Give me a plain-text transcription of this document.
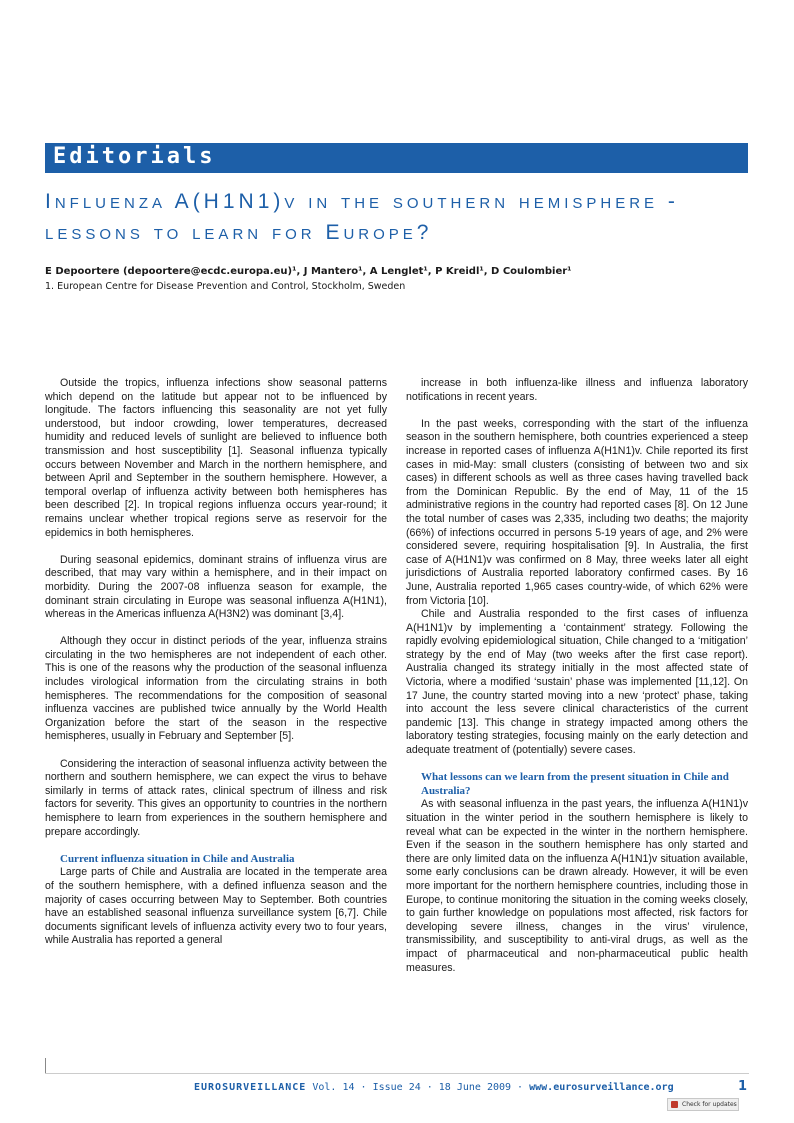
Editorials
Influenza A(H1N1)v in the southern hemisphere - lessons to learn for Europe?
E Depoortere (depoortere@ecdc.europa.eu)¹, J Mantero¹, A Lenglet¹, P Kreidl¹, D Coulombier¹
1. European Centre for Disease Prevention and Control, Stockholm, Sweden

Outside the tropics, influenza infections show seasonal patterns which depend on the latitude but appear not to be influenced by longitude. The factors influencing this seasonality are not yet fully understood, but indoor crowding, lower temperatures, decreased humidity and reduced levels of sunlight are believed to influence both transmission and host susceptibility [1]. Seasonal influenza typically occurs between November and March in the northern hemisphere, and between April and September in the southern hemisphere. However, a temporal overlap of influenza activity between both hemispheres has been described [2]. In tropical regions influenza occurs year-round; it remains unclear whether tropical regions serve as reservoir for the epidemics in both hemispheres.

During seasonal epidemics, dominant strains of influenza virus are described, that may vary within a hemisphere, and in their impact on morbidity. During the 2007-08 influenza season for example, the dominant strain circulating in Europe was seasonal influenza A(H1N1), whereas in the Americas influenza A(H3N2) was dominant [3,4].

Although they occur in distinct periods of the year, influenza strains circulating in the two hemispheres are not independent of each other. This is one of the reasons why the production of the seasonal influenza includes virological information from the circulating strains in both hemispheres. The recommendations for the composition of seasonal influenza vaccines are published twice annually by the World Health Organization before the start of the season in the respective hemispheres, usually in February and September [5].

Considering the interaction of seasonal influenza activity between the northern and southern hemisphere, we can expect the virus to behave similarly in terms of attack rates, clinical spectrum of illness and risk factors for severity. This gives an opportunity to countries in the northern hemisphere to learn from experiences in the southern hemisphere and prepare accordingly.

Current influenza situation in Chile and Australia

Large parts of Chile and Australia are located in the temperate area of the southern hemisphere, with a defined influenza season and the majority of cases occurring between May to September. Both countries have an established seasonal influenza surveillance system [6,7]. Chile documents significant levels of influenza activity every two to four years, while Australia has reported a general

increase in both influenza-like illness and influenza laboratory notifications in recent years.

In the past weeks, corresponding with the start of the influenza season in the southern hemisphere, both countries experienced a steep increase in reported cases of influenza A(H1N1)v. Chile reported its first cases in mid-May: small clusters (consisting of between two and six cases) in different schools as well as three cases having travelled back from the Dominican Republic. By the end of May, 11 of the 15 administrative regions in the country had reported cases [8]. On 12 June the total number of cases was 2,335, including two deaths; the majority (66%) of infections occurred in persons 5-19 years of age, and 2% were considered severe, requiring hospitalisation [9]. In Australia, the first case of A(H1N1)v was confirmed on 8 May, three weeks later all eight jurisdictions of Australia reported laboratory confirmed cases. By 16 June, Australia reported 1,965 cases country-wide, of which 62% were from Victoria [10].

Chile and Australia responded to the first cases of influenza A(H1N1)v by implementing a ‘containment’ strategy. Following the rapidly evolving epidemiological situation, Chile changed to a ‘mitigation’ strategy by the end of May (two weeks after the first case report). Australia changed its strategy initially in the most affected state of Victoria, where a modified ‘sustain’ phase was implemented [11,12]. On 17 June, the country started moving into a new ‘protect’ phase, taking into account the less severe clinical characteristics of the current pandemic [13]. This change in strategy impacted among others the laboratory testing strategies, focusing mainly on the early detection and adequate treatment of (potentially) severe cases.

What lessons can we learn from the present situation in Chile and Australia?

As with seasonal influenza in the past years, the influenza A(H1N1)v situation in the winter period in the southern hemisphere is likely to reveal what can be expected in the winter in the northern hemisphere. Even if the season in the southern hemisphere has only started and there are only limited data on the influenza A(H1N1)v situation available, some early conclusions can be drawn already. However, it will be even more important for the northern hemisphere countries, including those in Europe, to continue monitoring the situation in the coming weeks closely, to gain further knowledge on populations most affected, risk factors for developing severe illness, changes in the virus’ virulence, transmissibility, and susceptibility to anti-viral drugs, as well as the impact of pharmaceutical and non-pharmaceutical public health measures.

EUROSURVEILLANCE Vol. 14 · Issue 24 · 18 June 2009 · www.eurosurveillance.org	1
Check for updates
